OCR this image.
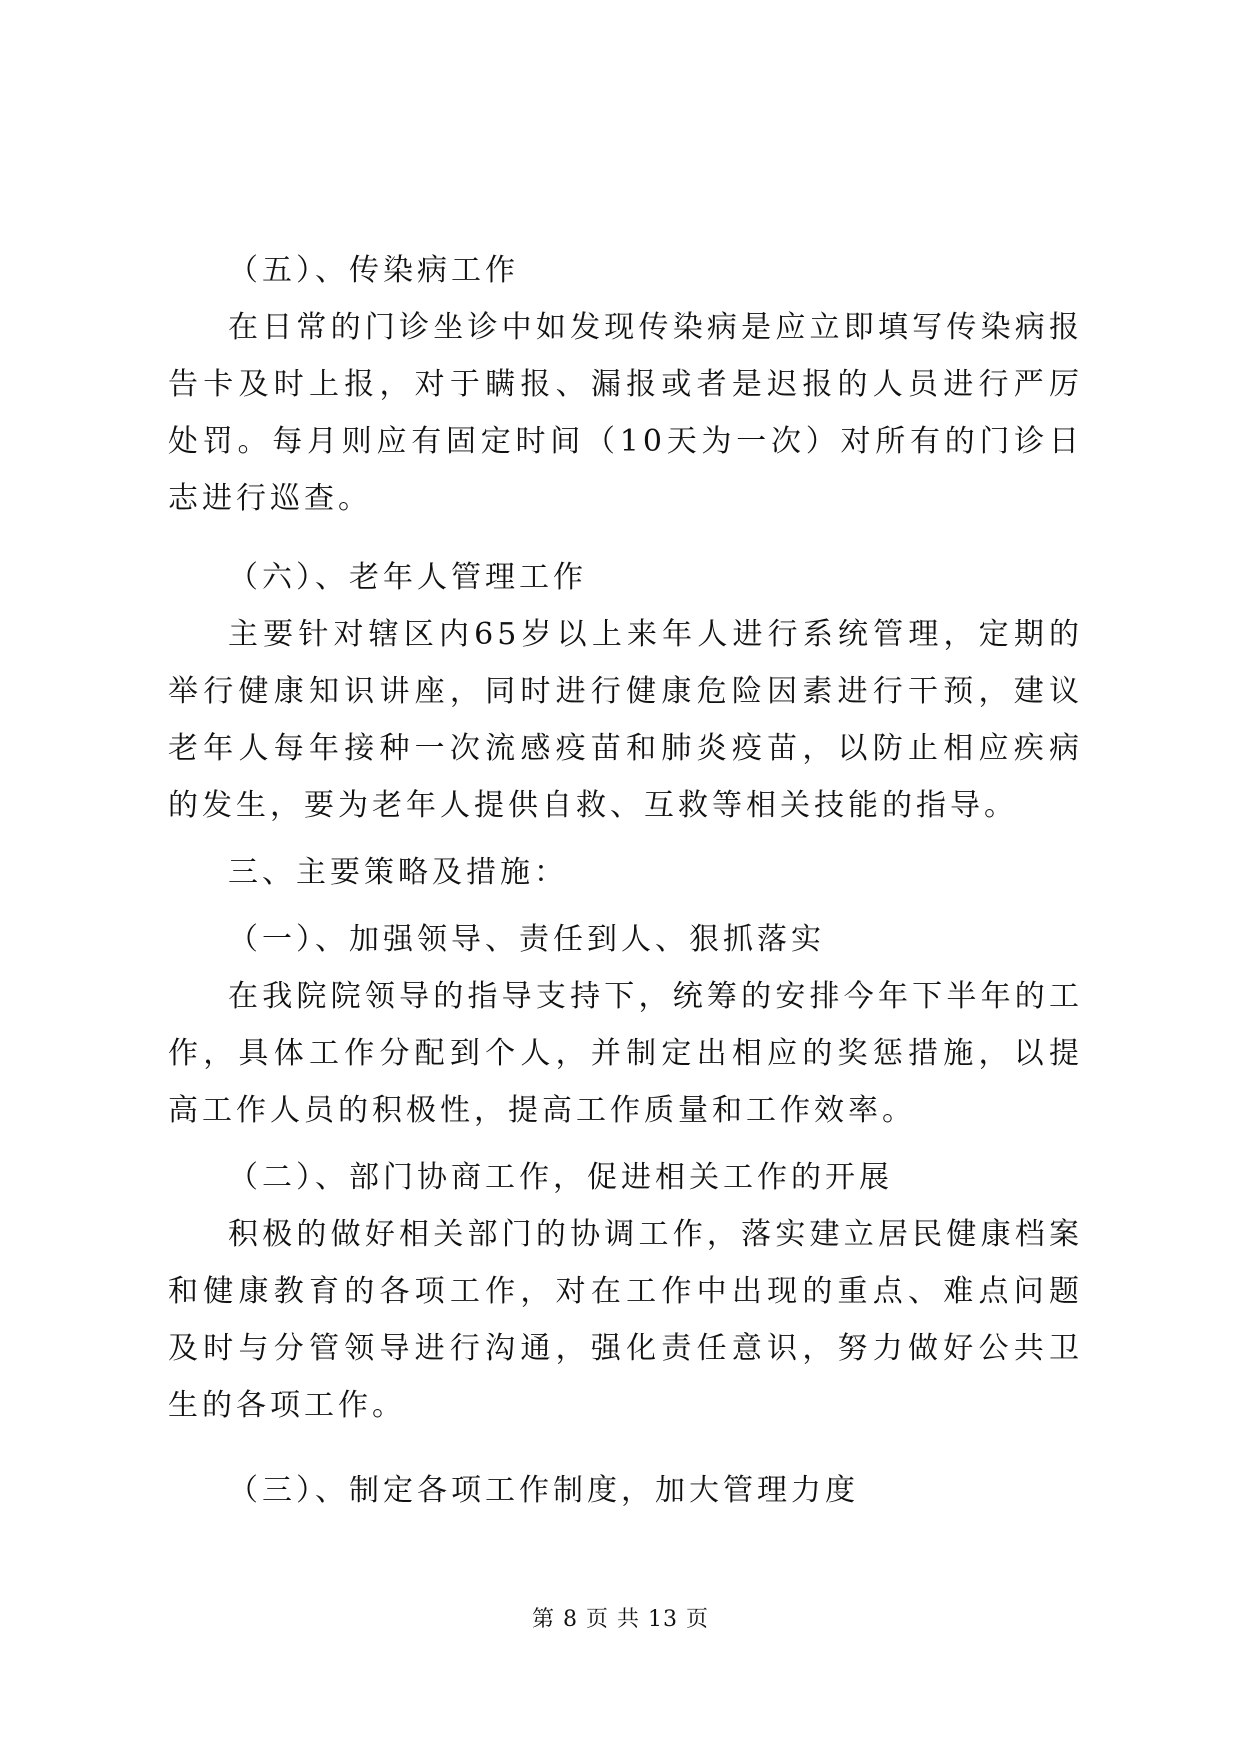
（五）、传染病工作

在日常的门诊坐诊中如发现传染病是应立即填写传染病报告卡及时上报，对于瞒报、漏报或者是迟报的人员进行严厉处罚。每月则应有固定时间（10天为一次）对所有的门诊日志进行巡查。

（六）、老年人管理工作

主要针对辖区内65岁以上来年人进行系统管理，定期的举行健康知识讲座，同时进行健康危险因素进行干预，建议老年人每年接种一次流感疫苗和肺炎疫苗，以防止相应疾病的发生，要为老年人提供自救、互救等相关技能的指导。

三、主要策略及措施：

（一）、加强领导、责任到人、狠抓落实

在我院院领导的指导支持下，统筹的安排今年下半年的工作，具体工作分配到个人，并制定出相应的奖惩措施，以提高工作人员的积极性，提高工作质量和工作效率。

（二）、部门协商工作，促进相关工作的开展

积极的做好相关部门的协调工作，落实建立居民健康档案和健康教育的各项工作，对在工作中出现的重点、难点问题及时与分管领导进行沟通，强化责任意识，努力做好公共卫生的各项工作。

（三）、制定各项工作制度，加大管理力度

第 8 页 共 13 页
